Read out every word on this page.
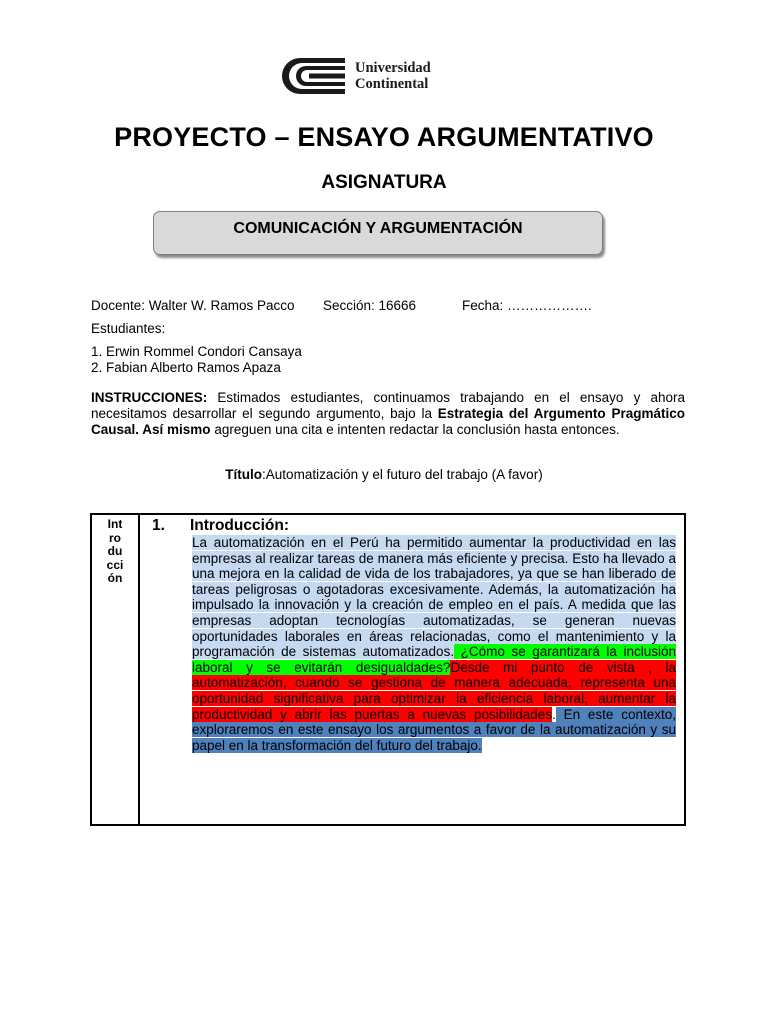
Universidad
Continental
PROYECTO – ENSAYO ARGUMENTATIVO
ASIGNATURA
COMUNICACIÓN Y ARGUMENTACIÓN
Docente: Walter W. Ramos Pacco Sección: 16666	Fecha: ……………….
Estudiantes:
1. Erwin Rommel Condori Cansaya
2. Fabian Alberto Ramos Apaza
INSTRUCCIONES: Estimados estudiantes, continuamos trabajando en el ensayo y ahora necesitamos desarrollar el segundo argumento, bajo la Estrategia del Argumento Pragmático Causal. Así mismo agreguen una cita e intenten redactar la conclusión hasta entonces.
Título:Automatización y el futuro del trabajo (A favor)
Int
ro
du
cci
ón

1. Introducción:
La automatización en el Perú ha permitido aumentar la productividad en las empresas al realizar tareas de manera más eficiente y precisa. Esto ha llevado a una mejora en la calidad de vida de los trabajadores, ya que se han liberado de tareas peligrosas o agotadoras excesivamente. Además, la automatización ha impulsado la innovación y la creación de empleo en el país. A medida que las empresas adoptan tecnologías automatizadas, se generan nuevas oportunidades laborales en áreas relacionadas, como el mantenimiento y la programación de sistemas automatizados. ¿Cómo se garantizará la inclusión laboral y se evitarán desigualdades?Desde mi punto de vista , la automatización, cuando se gestiona de manera adecuada, representa una oportunidad significativa para optimizar la eficiencia laboral, aumentar la productividad y abrir las puertas a nuevas posibilidades. En este contexto, exploraremos en este ensayo los argumentos a favor de la automatización y su papel en la transformación del futuro del trabajo.
